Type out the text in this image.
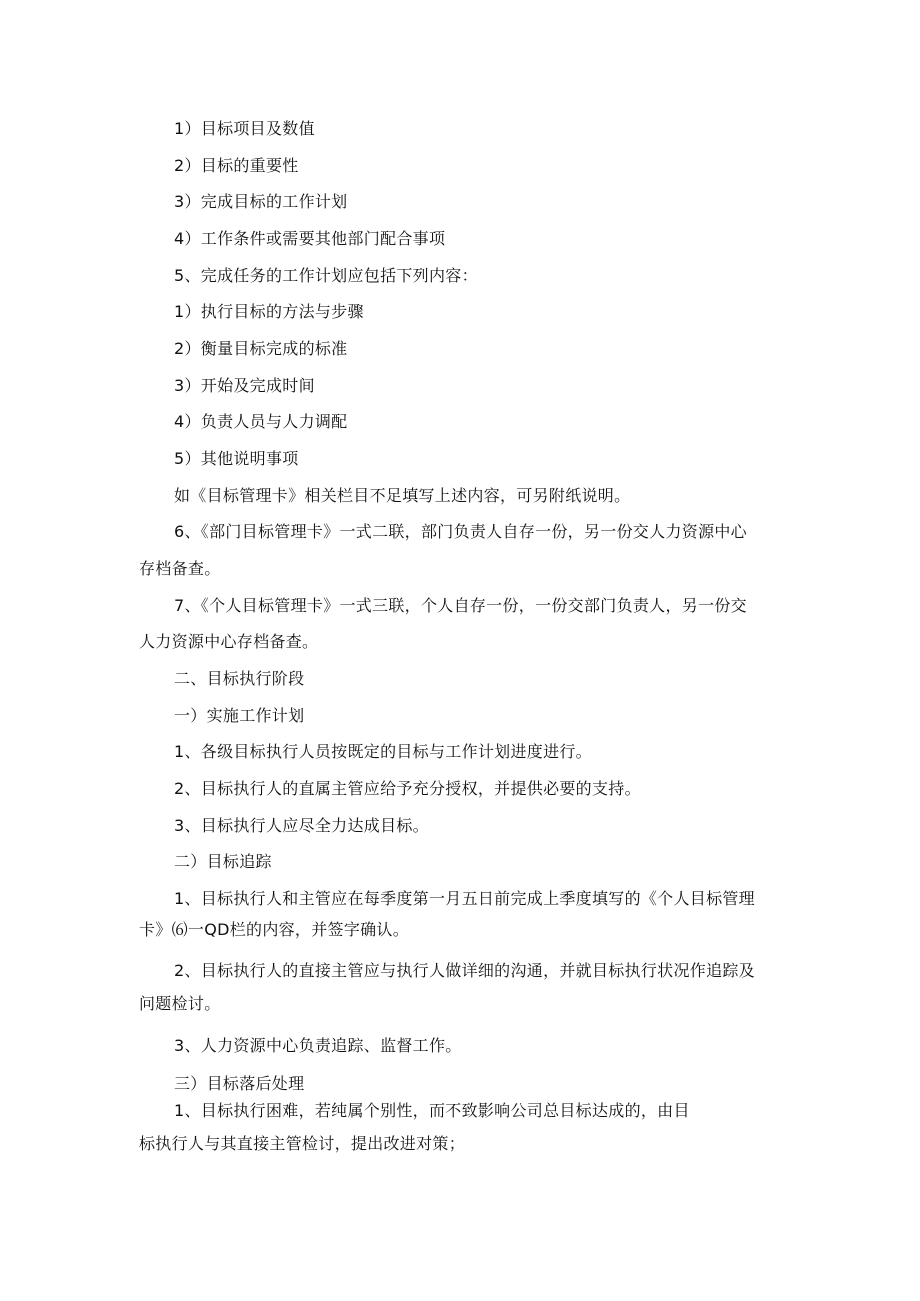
1）目标项目及数值
2）目标的重要性
3）完成目标的工作计划
4）工作条件或需要其他部门配合事项
5、完成任务的工作计划应包括下列内容：
1）执行目标的方法与步骤
2）衡量目标完成的标准
3）开始及完成时间
4）负责人员与人力调配
5）其他说明事项
如《目标管理卡》相关栏目不足填写上述内容，可另附纸说明。
6、《部门目标管理卡》一式二联，部门负责人自存一份，另一份交人力资源中心
存档备查。
7、《个人目标管理卡》一式三联，个人自存一份，一份交部门负责人，另一份交
人力资源中心存档备查。
二、目标执行阶段
一）实施工作计划
1、各级目标执行人员按既定的目标与工作计划进度进行。
2、目标执行人的直属主管应给予充分授权，并提供必要的支持。
3、目标执行人应尽全力达成目标。
二）目标追踪
1、目标执行人和主管应在每季度第一月五日前完成上季度填写的《个人目标管理
卡》⑹一QD栏的内容，并签字确认。
2、目标执行人的直接主管应与执行人做详细的沟通，并就目标执行状况作追踪及
问题检讨。
3、人力资源中心负责追踪、监督工作。
三）目标落后处理
1、目标执行困难，若纯属个别性，而不致影响公司总目标达成的，由目
标执行人与其直接主管检讨，提出改进对策；
